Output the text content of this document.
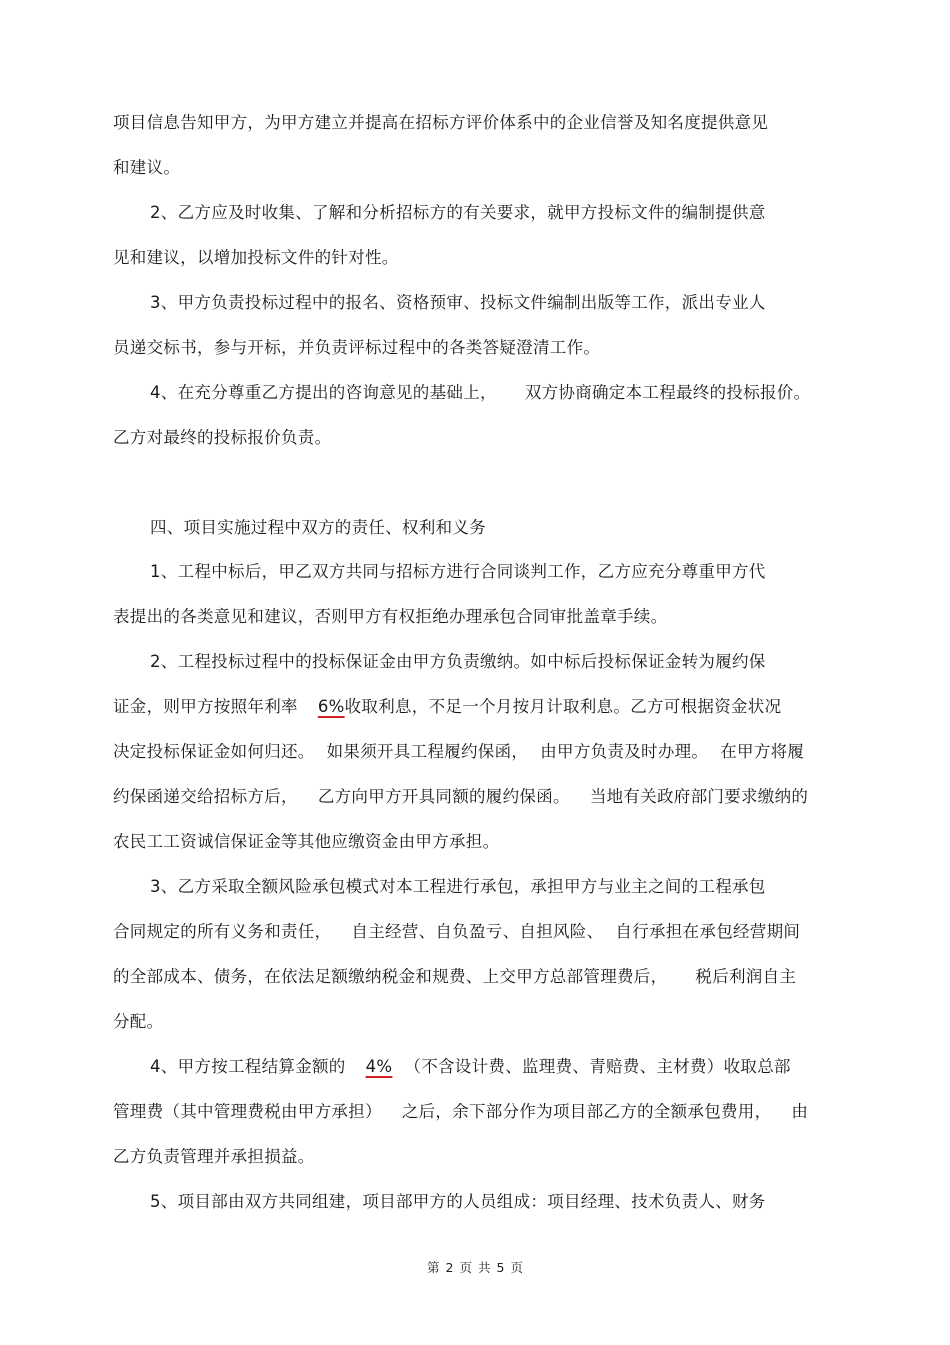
项目信息告知甲方，为甲方建立并提高在招标方评价体系中的企业信誉及知名度提供意见
和建议。
2、乙方应及时收集、了解和分析招标方的有关要求，就甲方投标文件的编制提供意
见和建议，以增加投标文件的针对性。
3、甲方负责投标过程中的报名、资格预审、投标文件编制出版等工作，派出专业人
员递交标书，参与开标，并负责评标过程中的各类答疑澄清工作。
4、在充分尊重乙方提出的咨询意见的基础上， 双方协商确定本工程最终的投标报价。
乙方对最终的投标报价负责。
四、项目实施过程中双方的责任、权利和义务
1、工程中标后，甲乙双方共同与招标方进行合同谈判工作，乙方应充分尊重甲方代
表提出的各类意见和建议，否则甲方有权拒绝办理承包合同审批盖章手续。
2、工程投标过程中的投标保证金由甲方负责缴纳。如中标后投标保证金转为履约保
证金，则甲方按照年利率 6%收取利息，不足一个月按月计取利息。乙方可根据资金状况
决定投标保证金如何归还。 如果须开具工程履约保函， 由甲方负责及时办理。 在甲方将履
约保函递交给招标方后， 乙方向甲方开具同额的履约保函。 当地有关政府部门要求缴纳的
农民工工资诚信保证金等其他应缴资金由甲方承担。
3、乙方采取全额风险承包模式对本工程进行承包，承担甲方与业主之间的工程承包
合同规定的所有义务和责任， 自主经营、自负盈亏、自担风险、 自行承担在承包经营期间
的全部成本、债务，在依法足额缴纳税金和规费、上交甲方总部管理费后， 税后利润自主
分配。
4、甲方按工程结算金额的 4% （不含设计费、监理费、青赔费、主材费）收取总部
管理费（其中管理费税由甲方承担） 之后，余下部分作为项目部乙方的全额承包费用， 由
乙方负责管理并承担损益。
5、项目部由双方共同组建，项目部甲方的人员组成：项目经理、技术负责人、财务
第 2 页 共 5 页
